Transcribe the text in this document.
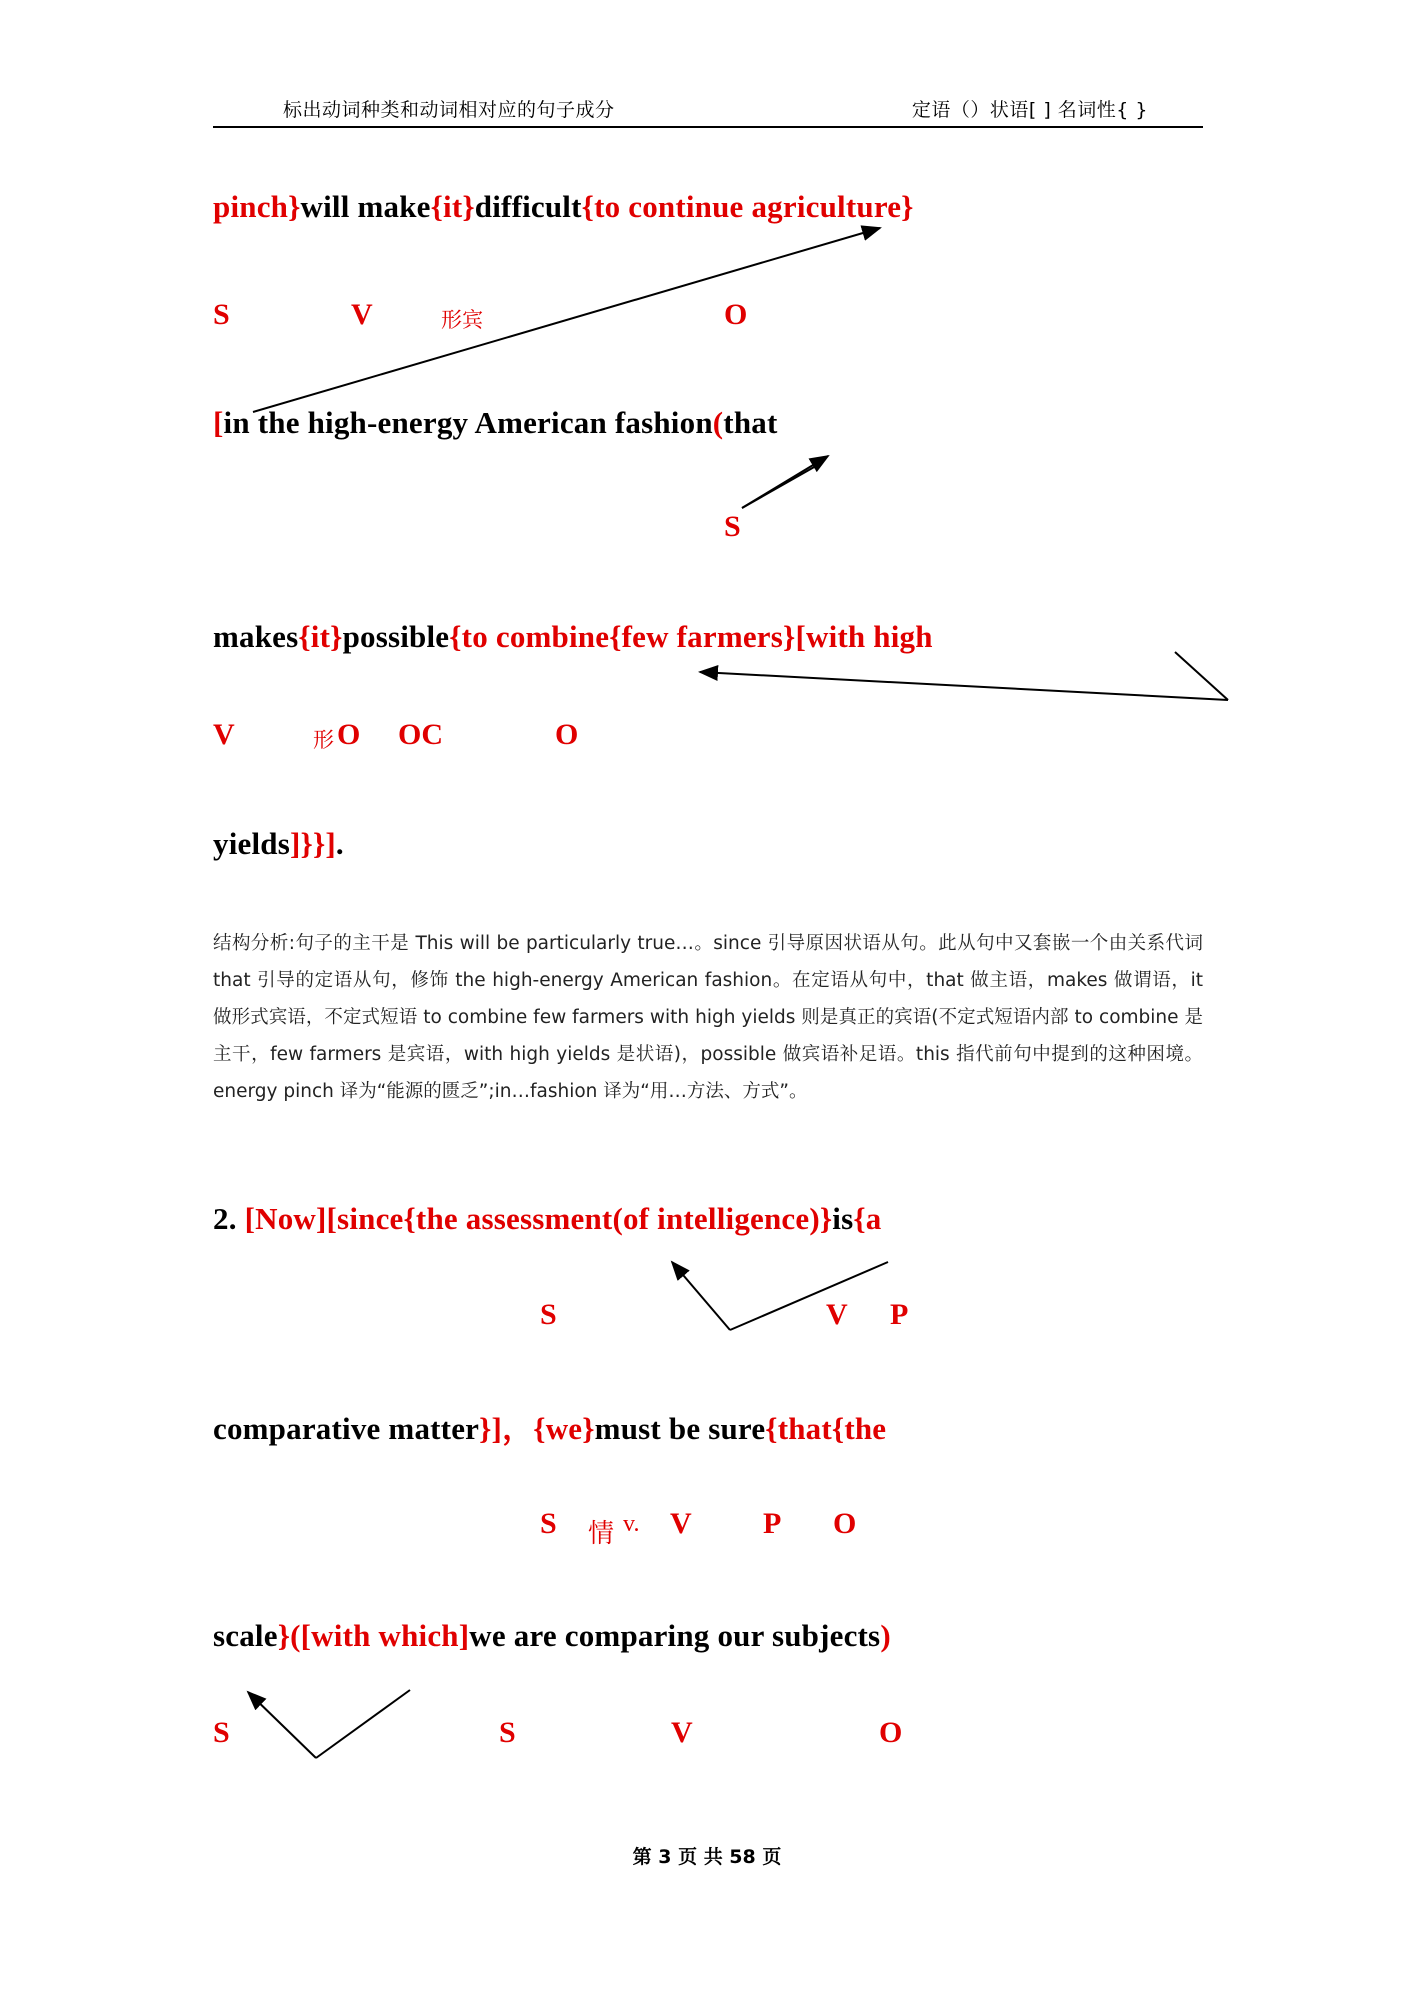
标出动词种类和动词相对应的句子成分	定语（）状语[ ] 名词性{ }
pinch}will make{it}difficult{to continue agriculture}
S	V	形宾	O
[in the high-energy American fashion(that
S
makes{it}possible{to combine{few farmers}[with high
V	形 O OC	O
yields]}}].
结构分析:句子的主干是 This will be particularly true…。since 引导原因状语从句。此从句中又套嵌一个由关系代词 that 引导的定语从句，修饰 the high-energy American fashion。在定语从句中，that 做主语，makes 做谓语，it 做形式宾语，不定式短语 to combine few farmers with high yields 则是真正的宾语(不定式短语内部 to combine 是主干，few farmers 是宾语，with high yields 是状语)，possible 做宾语补足语。this 指代前句中提到的这种困境。energy pinch 译为“能源的匮乏”;in…fashion 译为“用…方法、方式”。
2. [Now][since{the assessment(of intelligence)}is{a
S	V P
comparative matter}]，{we}must be sure{that{the
S 情 v. V P O
scale}([with which]we are comparing our subjects)
S	S	V	O
第 3 页 共 58 页
